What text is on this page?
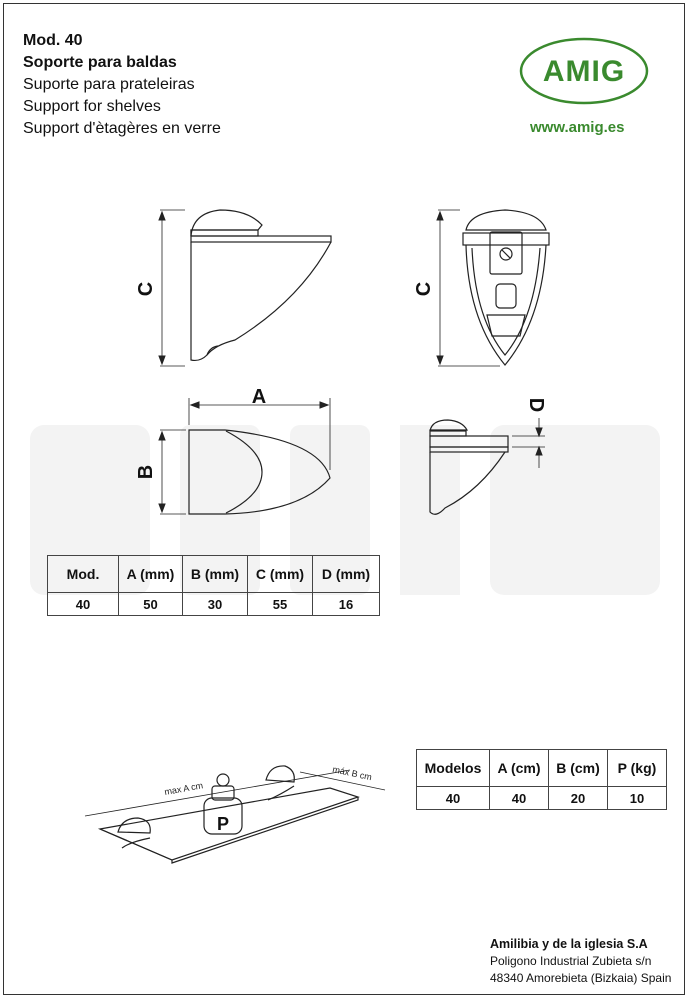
Mod. 40
Soporte para baldas
Suporte para prateleiras
Support for shelves
Support d'ètagères en verre
AMIG
www.amig.es
C	C
A
B
D
P
max A cm
máx B cm
Mod.	A (mm)	B (mm)	C (mm)	D (mm)
40	50	30	55	16
Modelos	A (cm)	B (cm)	P (kg)
40	40	20	10
Amilibia y de la iglesia S.A
Poligono Industrial Zubieta s/n
48340 Amorebieta (Bizkaia) Spain
